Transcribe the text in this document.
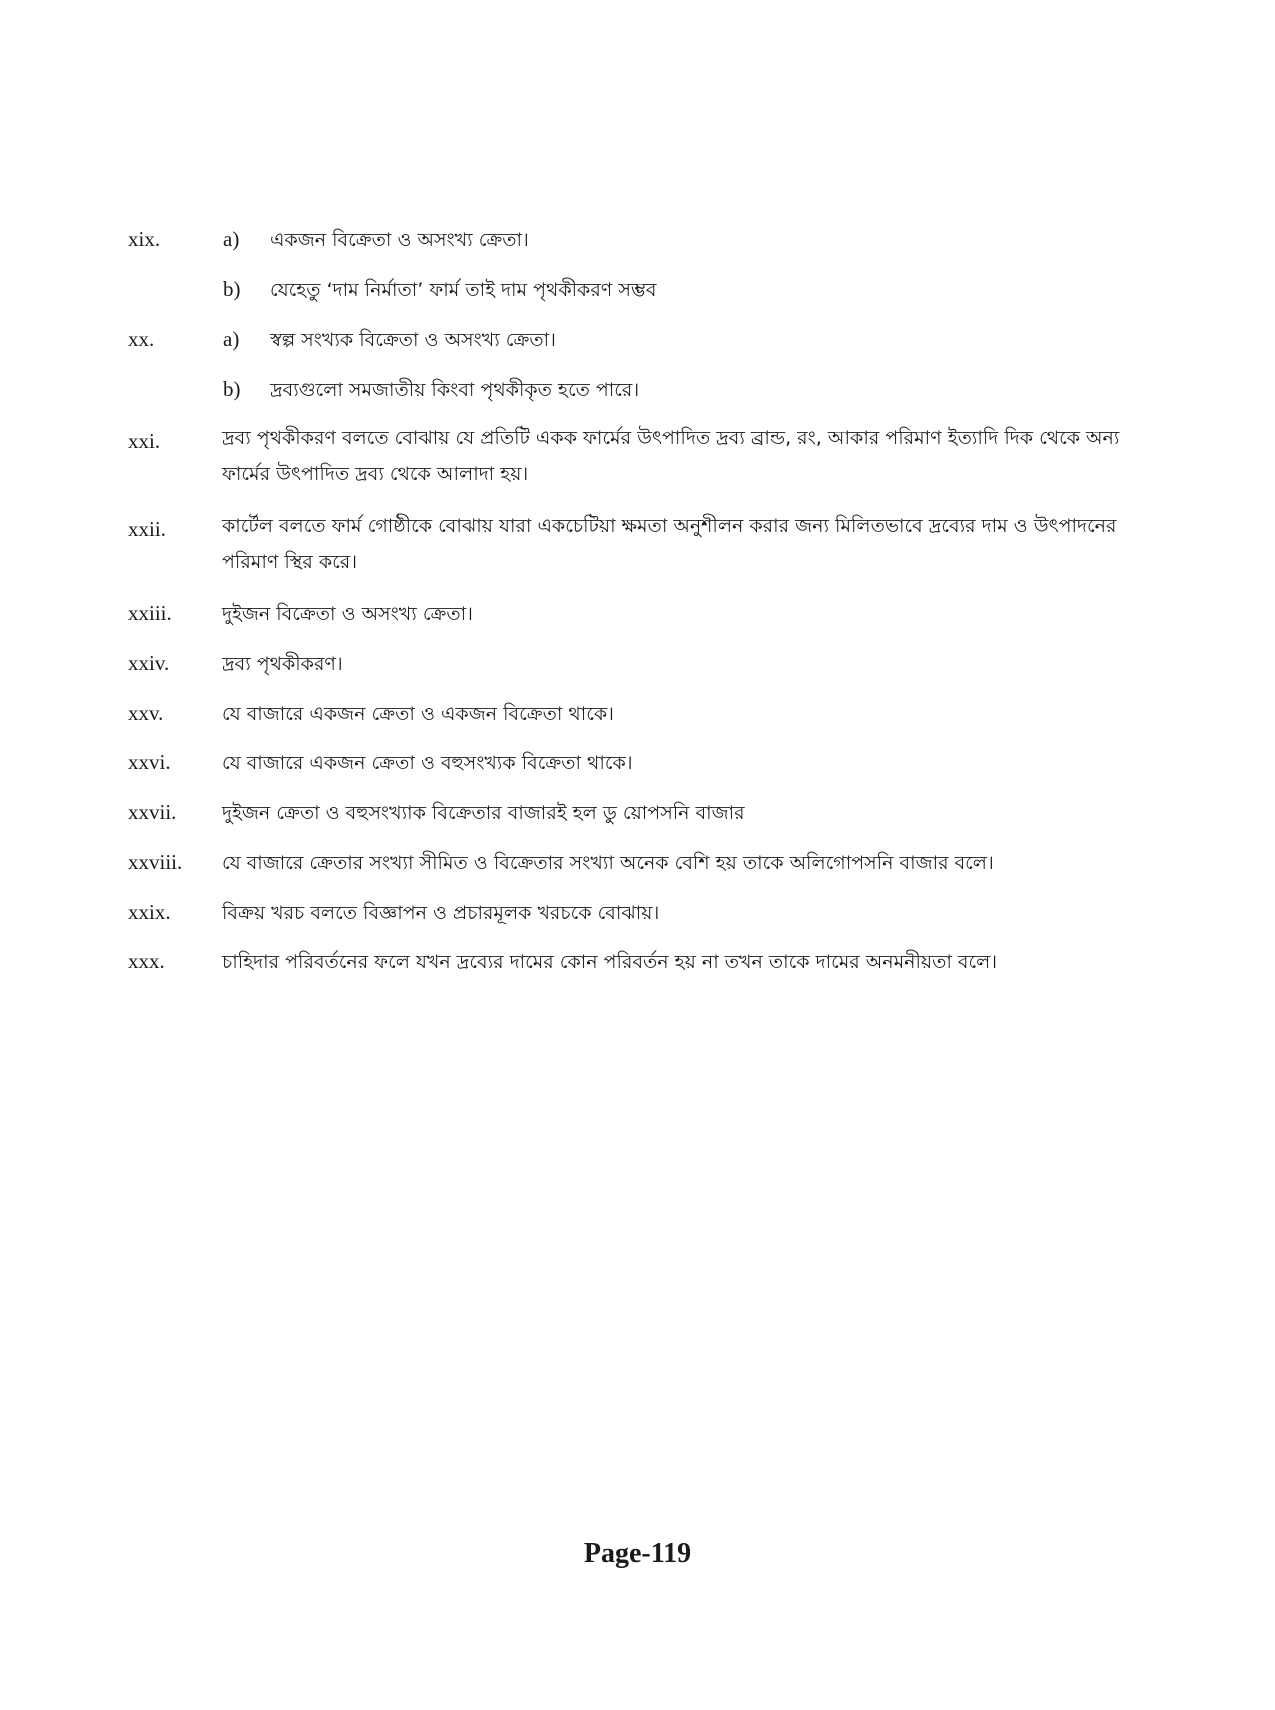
xix.	a) একজন বিক্রেতা ও অসংখ্য ক্রেতা।
b) যেহেতু ‘দাম নির্মাতা’ ফার্ম তাই দাম পৃথকীকরণ সম্ভব
xx.	a) স্বল্প সংখ্যক বিক্রেতা ও অসংখ্য ক্রেতা।
b) দ্রব্যগুলো সমজাতীয় কিংবা পৃথকীকৃত হতে পারে।
xxi.	দ্রব্য পৃথকীকরণ বলতে বোঝায় যে প্রতিটি একক ফার্মের উৎপাদিত দ্রব্য ব্রান্ড, রং, আকার পরিমাণ ইত্যাদি দিক থেকে অন্য ফার্মের উৎপাদিত দ্রব্য থেকে আলাদা হয়।
xxii.	কার্টেল বলতে ফার্ম গোষ্ঠীকে বোঝায় যারা একচেটিয়া ক্ষমতা অনুশীলন করার জন্য মিলিতভাবে দ্রব্যের দাম ও উৎপাদনের পরিমাণ স্থির করে।
xxiii.	দুইজন বিক্রেতা ও অসংখ্য ক্রেতা।
xxiv.	দ্রব্য পৃথকীকরণ।
xxv.	যে বাজারে একজন ক্রেতা ও একজন বিক্রেতা থাকে।
xxvi.	যে বাজারে একজন ক্রেতা ও বহুসংখ্যক বিক্রেতা থাকে।
xxvii. দুইজন ক্রেতা ও বহুসংখ্যাক বিক্রেতার বাজারই হল ডু য়োপসনি বাজার
xxviii. যে বাজারে ক্রেতার সংখ্যা সীমিত ও বিক্রেতার সংখ্যা অনেক বেশি হয় তাকে অলিগোপসনি বাজার বলে।
xxix.	বিক্রয় খরচ বলতে বিজ্ঞাপন ও প্রচারমূলক খরচকে বোঝায়।
xxx.	চাহিদার পরিবর্তনের ফলে যখন দ্রব্যের দামের কোন পরিবর্তন হয় না তখন তাকে দামের অনমনীয়তা বলে।
Page-119
